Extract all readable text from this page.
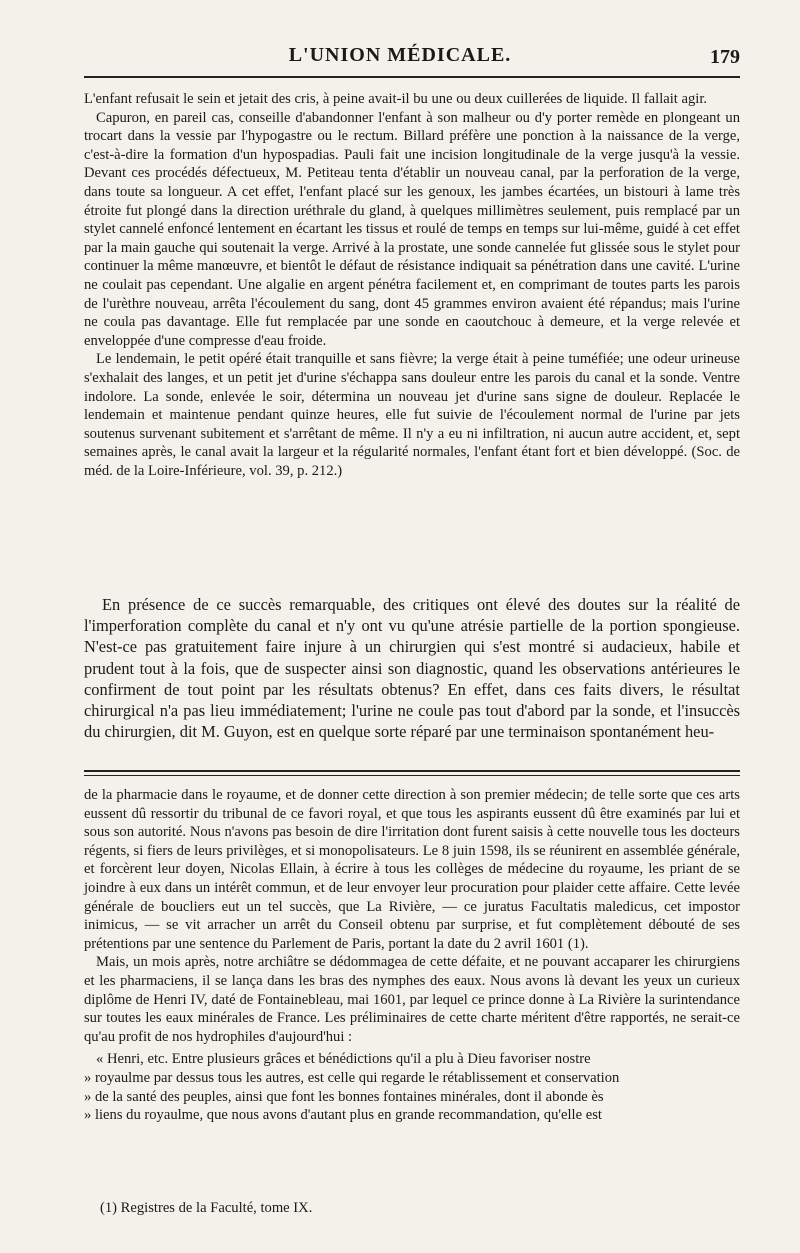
L'UNION MÉDICALE.	179

L'enfant refusait le sein et jetait des cris, à peine avait-il bu une ou deux cuillerées de liquide. Il fallait agir.

Capuron, en pareil cas, conseille d'abandonner l'enfant à son malheur ou d'y porter remède en plongeant un trocart dans la vessie par l'hypogastre ou le rectum. Billard préfère une ponction à la naissance de la verge, c'est-à-dire la formation d'un hypospadias. Pauli fait une incision longitudinale de la verge jusqu'à la vessie. Devant ces procédés défectueux, M. Petiteau tenta d'établir un nouveau canal, par la perforation de la verge, dans toute sa longueur. A cet effet, l'enfant placé sur les genoux, les jambes écartées, un bistouri à lame très étroite fut plongé dans la direction uréthrale du gland, à quelques millimètres seulement, puis remplacé par un stylet cannelé enfoncé lentement en écartant les tissus et roulé de temps en temps sur lui-même, guidé à cet effet par la main gauche qui soutenait la verge. Arrivé à la prostate, une sonde cannelée fut glissée sous le stylet pour continuer la même manœuvre, et bientôt le défaut de résistance indiquait sa pénétration dans une cavité. L'urine ne coulait pas cependant. Une algalie en argent pénétra facilement et, en comprimant de toutes parts les parois de l'urèthre nouveau, arrêta l'écoulement du sang, dont 45 grammes environ avaient été répandus; mais l'urine ne coula pas davantage. Elle fut remplacée par une sonde en caoutchouc à demeure, et la verge relevée et enveloppée d'une compresse d'eau froide.

Le lendemain, le petit opéré était tranquille et sans fièvre; la verge était à peine tuméfiée; une odeur urineuse s'exhalait des langes, et un petit jet d'urine s'échappa sans douleur entre les parois du canal et la sonde. Ventre indolore. La sonde, enlevée le soir, détermina un nouveau jet d'urine sans signe de douleur. Replacée le lendemain et maintenue pendant quinze heures, elle fut suivie de l'écoulement normal de l'urine par jets soutenus survenant subitement et s'arrêtant de même. Il n'y a eu ni infiltration, ni aucun autre accident, et, sept semaines après, le canal avait la largeur et la régularité normales, l'enfant étant fort et bien développé. (Soc. de méd. de la Loire-Inférieure, vol. 39, p. 212.)

En présence de ce succès remarquable, des critiques ont élevé des doutes sur la réalité de l'imperforation complète du canal et n'y ont vu qu'une atrésie partielle de la portion spongieuse. N'est-ce pas gratuitement faire injure à un chirurgien qui s'est montré si audacieux, habile et prudent tout à la fois, que de suspecter ainsi son diagnostic, quand les observations antérieures le confirment de tout point par les résultats obtenus? En effet, dans ces faits divers, le résultat chirurgical n'a pas lieu immédiatement; l'urine ne coule pas tout d'abord par la sonde, et l'insuccès du chirurgien, dit M. Guyon, est en quelque sorte réparé par une terminaison spontanément heu-

de la pharmacie dans le royaume, et de donner cette direction à son premier médecin; de telle sorte que ces arts eussent dû ressortir du tribunal de ce favori royal, et que tous les aspirants eussent dû être examinés par lui et sous son autorité. Nous n'avons pas besoin de dire l'irritation dont furent saisis à cette nouvelle tous les docteurs régents, si fiers de leurs privilèges, et si monopolisateurs. Le 8 juin 1598, ils se réunirent en assemblée générale, et forcèrent leur doyen, Nicolas Ellain, à écrire à tous les collèges de médecine du royaume, les priant de se joindre à eux dans un intérêt commun, et de leur envoyer leur procuration pour plaider cette affaire. Cette levée générale de boucliers eut un tel succès, que La Rivière, — ce juratus Facultatis maledicus, cet impostor inimicus, — se vit arracher un arrêt du Conseil obtenu par surprise, et fut complètement débouté de ses prétentions par une sentence du Parlement de Paris, portant la date du 2 avril 1601 (1).

Mais, un mois après, notre archiâtre se dédommagea de cette défaite, et ne pouvant accaparer les chirurgiens et les pharmaciens, il se lança dans les bras des nymphes des eaux. Nous avons là devant les yeux un curieux diplôme de Henri IV, daté de Fontainebleau, mai 1601, par lequel ce prince donne à La Rivière la surintendance sur toutes les eaux minérales de France. Les préliminaires de cette charte méritent d'être rapportés, ne serait-ce qu'au profit de nos hydrophiles d'aujourd'hui :

« Henri, etc. Entre plusieurs grâces et bénédictions qu'il a plu à Dieu favoriser nostre
» royaulme par dessus tous les autres, est celle qui regarde le rétablissement et conservation
» de la santé des peuples, ainsi que font les bonnes fontaines minérales, dont il abonde ès
» liens du royaulme, que nous avons d'autant plus en grande recommandation, qu'elle est
(1) Registres de la Faculté, tome IX.
